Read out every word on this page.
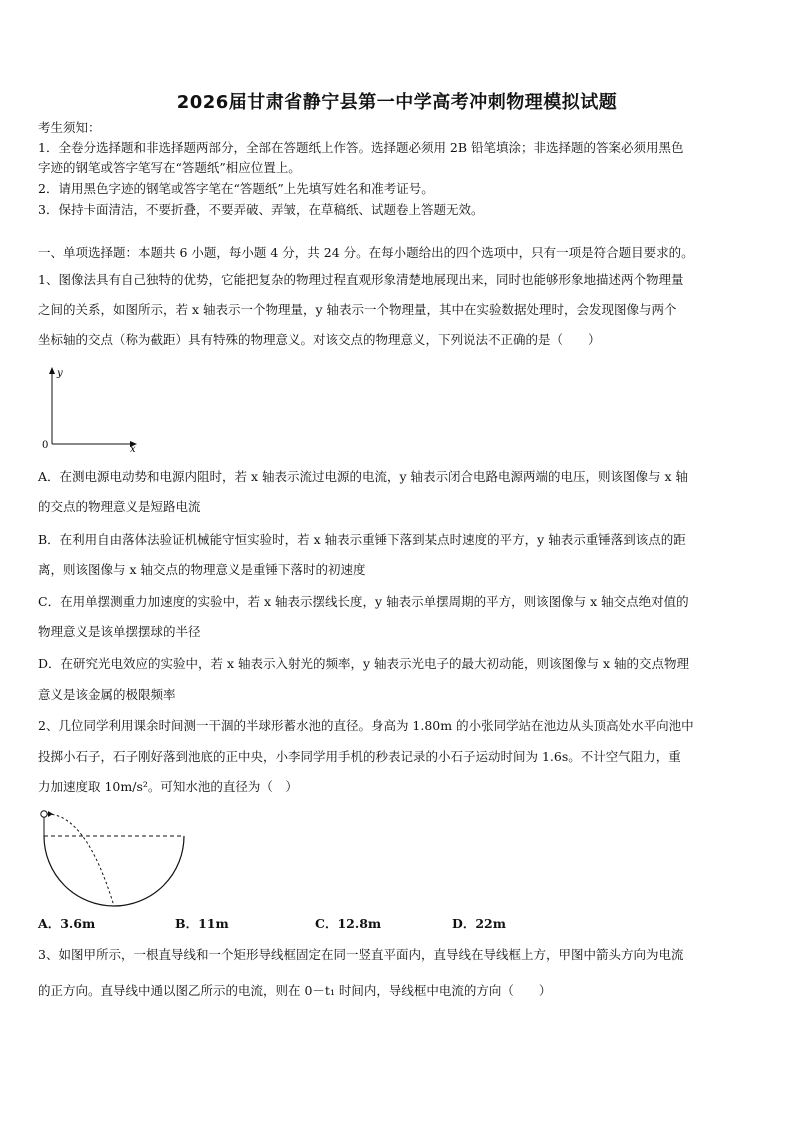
2026届甘肃省静宁县第一中学高考冲刺物理模拟试题
考生须知：
1．全卷分选择题和非选择题两部分，全部在答题纸上作答。选择题必须用 2B 铅笔填涂；非选择题的答案必须用黑色
字迹的钢笔或答字笔写在“答题纸”相应位置上。
2．请用黑色字迹的钢笔或答字笔在“答题纸”上先填写姓名和准考证号。
3．保持卡面清洁，不要折叠，不要弄破、弄皱，在草稿纸、试题卷上答题无效。
一、单项选择题：本题共 6 小题，每小题 4 分，共 24 分。在每小题给出的四个选项中，只有一项是符合题目要求的。
1、图像法具有自己独特的优势，它能把复杂的物理过程直观形象清楚地展现出来，同时也能够形象地描述两个物理量
之间的关系，如图所示，若 x 轴表示一个物理量，y 轴表示一个物理量，其中在实验数据处理时，会发现图像与两个
坐标轴的交点（称为截距）具有特殊的物理意义。对该交点的物理意义，下列说法不正确的是（　　）
y
x
0
A．在测电源电动势和电源内阻时，若 x 轴表示流过电源的电流，y 轴表示闭合电路电源两端的电压，则该图像与 x 轴
的交点的物理意义是短路电流
B．在利用自由落体法验证机械能守恒实验时，若 x 轴表示重锤下落到某点时速度的平方，y 轴表示重锤落到该点的距
离，则该图像与 x 轴交点的物理意义是重锤下落时的初速度
C．在用单摆测重力加速度的实验中，若 x 轴表示摆线长度，y 轴表示单摆周期的平方，则该图像与 x 轴交点绝对值的
物理意义是该单摆摆球的半径
D．在研究光电效应的实验中，若 x 轴表示入射光的频率，y 轴表示光电子的最大初动能，则该图像与 x 轴的交点物理
意义是该金属的极限频率
2、几位同学利用课余时间测一干涸的半球形蓄水池的直径。身高为 1.80m 的小张同学站在池边从头顶高处水平向池中
投掷小石子，石子刚好落到池底的正中央，小李同学用手机的秒表记录的小石子运动时间为 1.6s。不计空气阻力，重
力加速度取 10m/s²。可知水池的直径为（　）
A．3.6m	B．11m	C．12.8m	D．22m
3、如图甲所示，一根直导线和一个矩形导线框固定在同一竖直平面内，直导线在导线框上方，甲图中箭头方向为电流
的正方向。直导线中通以图乙所示的电流，则在 0－t₁ 时间内，导线框中电流的方向（　　）
